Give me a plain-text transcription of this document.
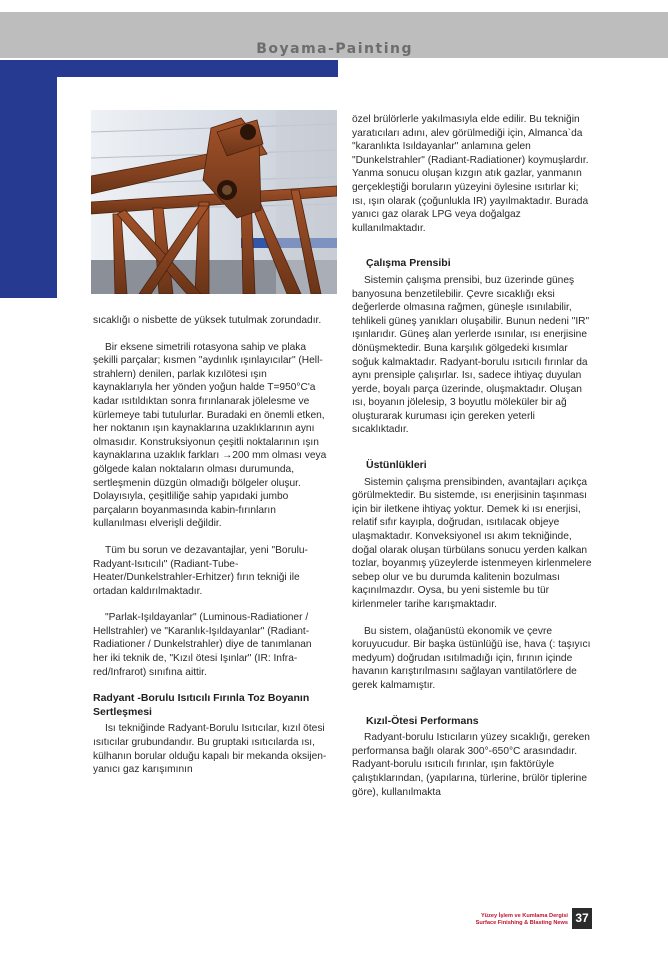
Boyama-Painting

sıcaklığı o nisbette de yüksek tutulmak zorundadır.

Bir eksene simetrili rotasyona sahip ve plaka şekilli parçalar; kısmen "aydınlık ışınlayıcılar" (Hell-strahlern) denilen, parlak kızılötesi ışın kaynaklarıyla her yönden yoğun halde T=950°C'a kadar ısıtıldıktan sonra fırınlanarak jölelesme ve kürlemeye tabi tutulurlar. Buradaki en önemli etken, her noktanın ışın kaynaklarına uzaklıklarının aynı olmasıdır. Konstruksiyonun çeşitli noktalarının ışın kaynaklarına uzaklık farkları →200 mm olması veya gölgede kalan noktaların olması durumunda, sertleşmenin düzgün olmadığı bölgeler oluşur. Dolayısıyla, çeşitliliğe sahip yapıdaki jumbo parçaların boyanmasında kabin-fırınların kullanılması elverişli değildir.

Tüm bu sorun ve dezavantajlar, yeni "Borulu-Radyant-Isıtıcılı" (Radiant-Tube-Heater/Dunkelstrahler-Erhitzer) fırın tekniği ile ortadan kaldırılmaktadır.

"Parlak-Işıldayanlar" (Luminous-Radiationer / Hellstrahler) ve "Karanlık-Işıldayanlar" (Radiant-Radiationer / Dunkelstrahler) diye de tanımlanan her iki teknik de, "Kızıl ötesi Işınlar" (IR: Infra-red/Infrarot) sınıfına aittir.

Radyant -Borulu Isıtıcılı Fırınla Toz Boyanın Sertleşmesi

Isı tekniğinde Radyant-Borulu Isıtıcılar, kızıl ötesi ısıtıcılar grubundandır. Bu gruptaki ısıtıcılarda ısı, külhanın borular olduğu kapalı bir mekanda oksijen-yanıcı gaz karışımının

özel brülörlerle yakılmasıyla elde edilir. Bu tekniğin yaratıcıları adını, alev görülmediği için, Almanca`da "karanlıkta Isıldayanlar" anlamına gelen "Dunkelstrahler" (Radiant-Radiationer) koymuşlardır. Yanma sonucu oluşan kızgın atık gazlar, yanmanın gerçekleştiği boruların yüzeyini öylesine ısıtırlar ki; ısı, ışın olarak (çoğunlukla IR) yayılmaktadır. Burada yanıcı gaz olarak LPG veya doğalgaz kullanılmaktadır.

Çalışma Prensibi

Sistemin çalışma prensibi, buz üzerinde güneş banyosuna benzetilebilir. Çevre sıcaklığı eksi değerlerde olmasına rağmen, güneşle ısınılabilir, tehlikeli güneş yanıkları oluşabilir. Bunun nedeni "IR" ışınlarıdır. Güneş alan yerlerde ısınılar, ısı enerjisine dönüşmektedir. Buna karşılık gölgedeki kısımlar soğuk kalmaktadır. Radyant-borulu ısıtıcılı fırınlar da aynı prensiple çalışırlar. Isı, sadece ihtiyaç duyulan yerde, boyalı parça üzerinde, oluşmaktadır. Oluşan ısı, boyanın jölelesip, 3 boyutlu möleküler bir ağ oluşturarak kuruması için gereken yeterli sıcaklıktadır.

Üstünlükleri

Sistemin çalışma prensibinden, avantajları açıkça görülmektedir. Bu sistemde, ısı enerjisinin taşınması için bir iletkene ihtiyaç yoktur. Demek ki ısı enerjisi, relatif sıfır kayıpla, doğrudan, ısıtılacak objeye ulaşmaktadır. Konveksiyonel ısı akım tekniğinde, doğal olarak oluşan türbülans sonucu yerden kalkan tozlar, boyanmış yüzeylerde istenmeyen kirlenmelere sebep olur ve bu durumda kalitenin bozulması kaçınılmazdır. Oysa, bu yeni sistemle bu tür kirlenmeler tarihe karışmaktadır.

Bu sistem, olağanüstü ekonomik ve çevre koruyucudur. Bir başka üstünlüğü ise, hava (: taşıyıcı medyum) doğrudan ısıtılmadığı için, fırının içinde havanın karıştırılmasını sağlayan vantilatörlere de gerek kalmamıştır.

Kızıl-Ötesi Performans

Radyant-borulu Istıcıların yüzey sıcaklığı, gereken performansa bağlı olarak 300°-650°C arasındadır. Radyant-borulu ısıtıcılı fırınlar, ışın faktörüyle çalıştıklarından, (yapılarına, türlerine, brülör tiplerine göre), kullanılmakta

Yüzey İşlem ve Kumlama Dergisi
Surface Finishing & Blasting News 37
